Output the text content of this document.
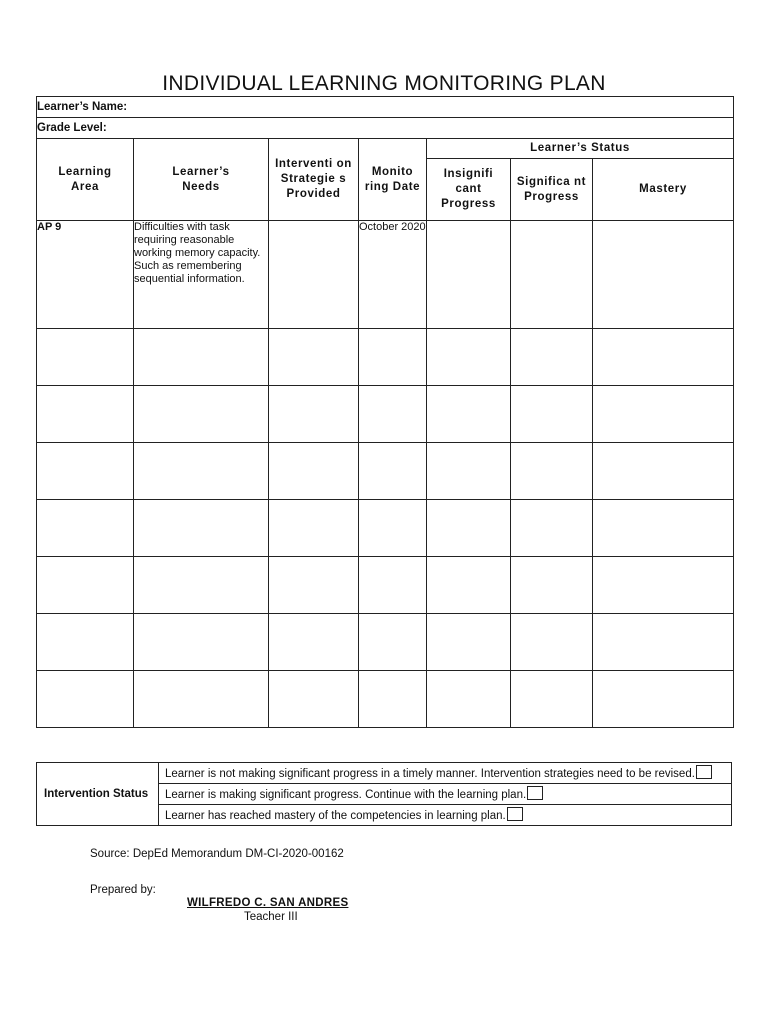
INDIVIDUAL LEARNING MONITORING PLAN
Learner’s Name:						
Grade Level:						
Learning Area	Learner’s Needs	Interventi on Strategie s Provided	Monito ring Date	Learner’s Status		
				Insignifi cant Progress	Significa nt Progress	Mastery
AP 9	Difficulties with task requiring reasonable working memory capacity. Such as remembering sequential information.		October 2020			

Intervention Status	Learner is not making significant progress in a timely manner. Intervention strategies need to be revised.
Learner is making significant progress. Continue with the learning plan.
Learner has reached mastery of the competencies in learning plan.
Source: DepEd Memorandum DM-CI-2020-00162
Prepared by:
WILFREDO C. SAN ANDRES
Teacher III
